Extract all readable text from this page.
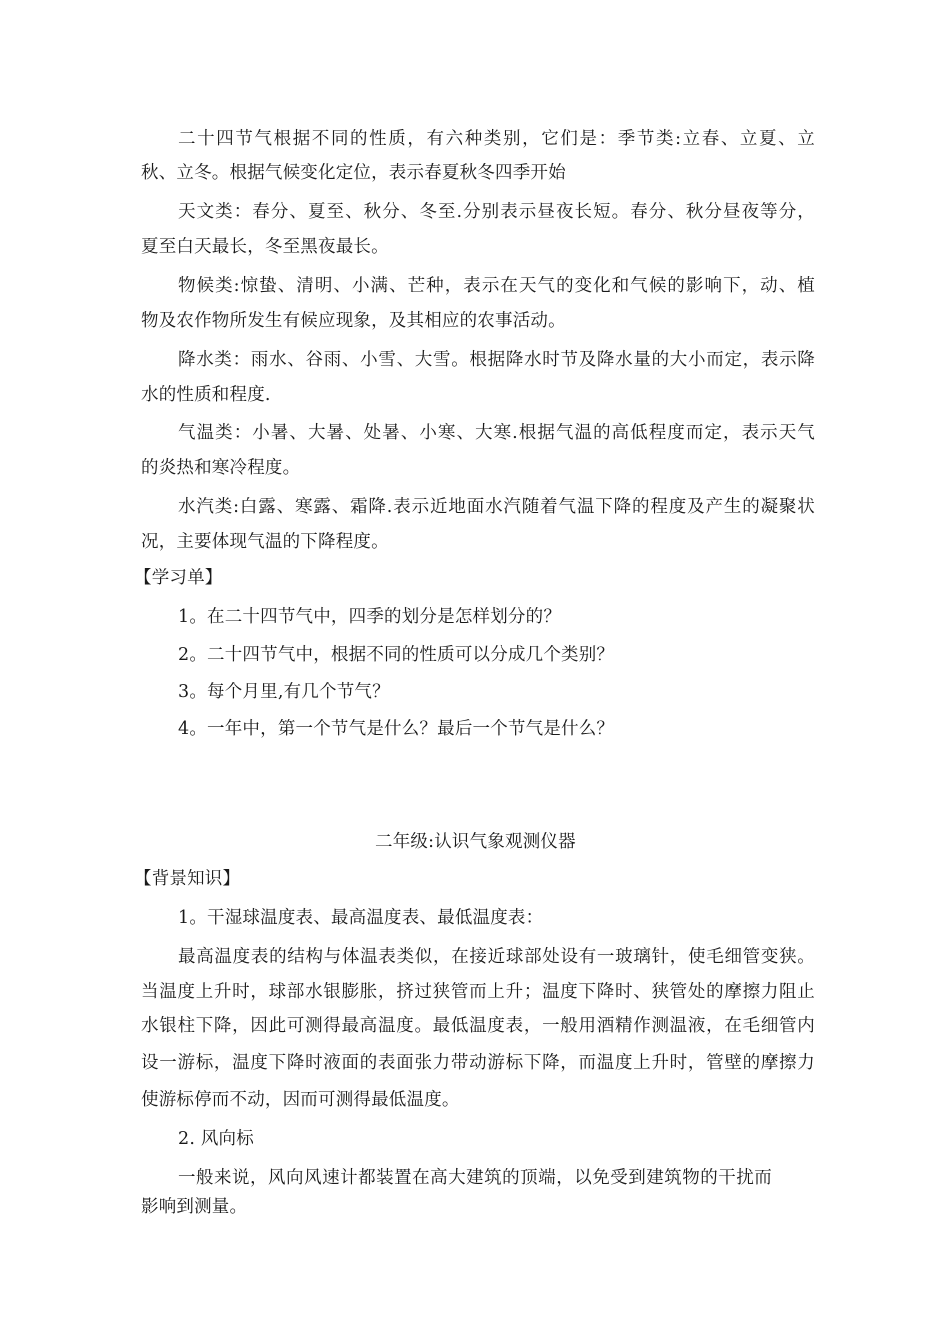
二十四节气根据不同的性质，有六种类别，它们是：季节类:立春、立夏、立
秋、立冬。根据气候变化定位，表示春夏秋冬四季开始
天文类：春分、夏至、秋分、冬至.分别表示昼夜长短。春分、秋分昼夜等分，
夏至白天最长，冬至黑夜最长。
物候类:惊蛰、清明、小满、芒种，表示在天气的变化和气候的影响下，动、植
物及农作物所发生有候应现象，及其相应的农事活动。
降水类：雨水、谷雨、小雪、大雪。根据降水时节及降水量的大小而定，表示降
水的性质和程度.
气温类：小暑、大暑、处暑、小寒、大寒.根据气温的高低程度而定，表示天气
的炎热和寒冷程度。
水汽类:白露、寒露、霜降.表示近地面水汽随着气温下降的程度及产生的凝聚状
况，主要体现气温的下降程度。
【学习单】
1。在二十四节气中，四季的划分是怎样划分的？
2。二十四节气中，根据不同的性质可以分成几个类别？
3。每个月里,有几个节气？
4。一年中，第一个节气是什么？最后一个节气是什么？
二年级:认识气象观测仪器
【背景知识】
1。干湿球温度表、最高温度表、最低温度表：
最高温度表的结构与体温表类似，在接近球部处设有一玻璃针，使毛细管变狭。
当温度上升时，球部水银膨胀，挤过狭管而上升；温度下降时、狭管处的摩擦力阻止
水银柱下降，因此可测得最高温度。最低温度表，一般用酒精作测温液，在毛细管内
设一游标，温度下降时液面的表面张力带动游标下降，而温度上升时，管壁的摩擦力
使游标停而不动，因而可测得最低温度。
2. 风向标
一般来说，风向风速计都装置在高大建筑的顶端，以免受到建筑物的干扰而
影响到测量。
